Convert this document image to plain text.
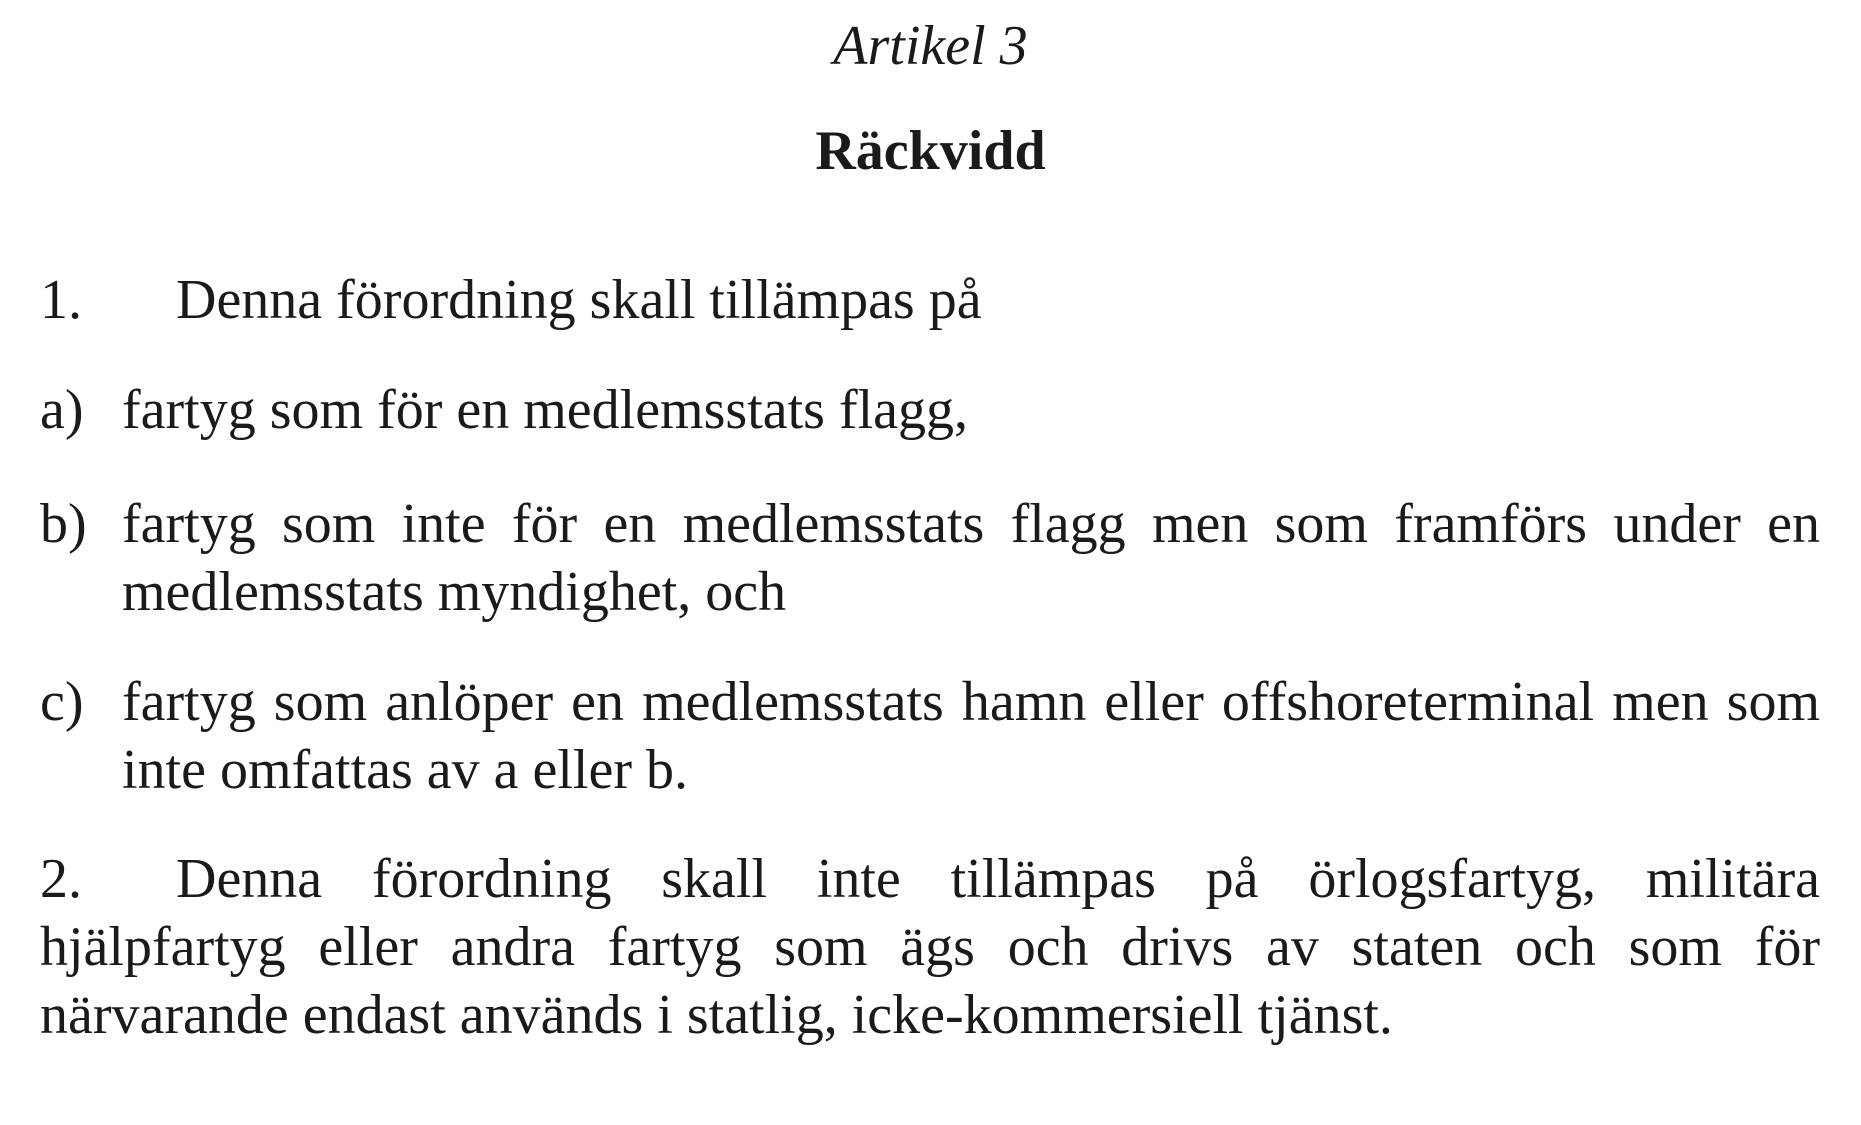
Artikel 3
Räckvidd
1. Denna förordning skall tillämpas på
a) fartyg som för en medlemsstats flagg,
b) fartyg som inte för en medlemsstats flagg men som framförs under en medlemsstats myndighet, och
c) fartyg som anlöper en medlemsstats hamn eller offshoreterminal men som inte omfattas av a eller b.
2. Denna förordning skall inte tillämpas på örlogsfartyg, militära hjälpfartyg eller andra fartyg som ägs och drivs av staten och som för närvarande endast används i statlig, icke-kommersiell tjänst.
